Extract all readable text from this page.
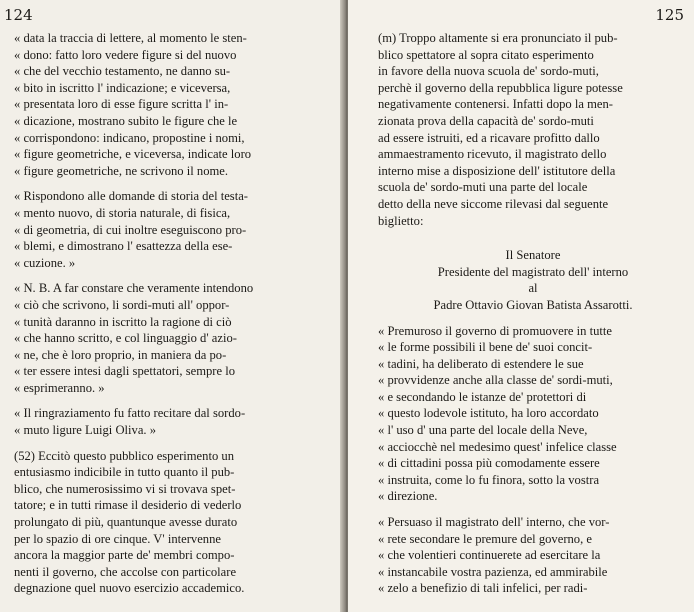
124
« data la traccia di lettere, al momento le sten-
« dono: fatto loro vedere figure si del nuovo
« che del vecchio testamento, ne danno su-
« bito in iscritto l' indicazione; e viceversa,
« presentata loro di esse figure scritta l' in-
« dicazione, mostrano subito le figure che le
« corrispondono: indicano, propostine i nomi,
« figure geometriche, e viceversa, indicate loro
« figure geometriche, ne scrivono il nome.
« Rispondono alle domande di storia del testa-
« mento nuovo, di storia naturale, di fisica,
« di geometria, di cui inoltre eseguiscono pro-
« blemi, e dimostrano l' esattezza della ese-
« cuzione. »
« N. B. A far constare che veramente intendono
« ciò che scrivono, li sordi-muti all' oppor-
« tunità daranno in iscritto la ragione di ciò
« che hanno scritto, e col linguaggio d' azio-
« ne, che è loro proprio, in maniera da po-
« ter essere intesi dagli spettatori, sempre lo
« esprimeranno. »
« Il ringraziamento fu fatto recitare dal sordo-
« muto ligure Luigi Oliva. »
(52) Eccitò questo pubblico esperimento un
entusiasmo indicibile in tutto quanto il pub-
blico, che numerosissimo vi si trovava spet-
tatore; e in tutti rimase il desiderio di vederlo
prolungato di più, quantunque avesse durato
per lo spazio di ore cinque. V' intervenne
ancora la maggior parte de' membri compo-
nenti il governo, che accolse con particolare
degnazione quel nuovo esercizio accademico.
125
(m) Troppo altamente si era pronunciato il pub-
blico spettatore al sopra citato esperimento
in favore della nuova scuola de' sordo-muti,
perchè il governo della repubblica ligure potesse
negativamente contenersi. Infatti dopo la men-
zionata prova della capacità de' sordo-muti
ad essere istruiti, ed a ricavare profitto dallo
ammaestramento ricevuto, il magistrato dello
interno mise a disposizione dell' istitutore della
scuola de' sordo-muti una parte del locale
detto della neve siccome rilevasi dal seguente
biglietto:
Il Senatore
Presidente del magistrato dell' interno
al
Padre Ottavio Giovan Batista Assarotti.
« Premuroso il governo di promuovere in tutte
« le forme possibili il bene de' suoi concit-
« tadini, ha deliberato di estendere le sue
« provvidenze anche alla classe de' sordi-muti,
« e secondando le istanze de' protettori di
« questo lodevole istituto, ha loro accordato
« l' uso d' una parte del locale della Neve,
« acciocchè nel medesimo quest' infelice classe
« di cittadini possa più comodamente essere
« instruita, come lo fu finora, sotto la vostra
« direzione.
« Persuaso il magistrato dell' interno, che vor-
« rete secondare le premure del governo, e
« che volentieri continuerete ad esercitare la
« instancabile vostra pazienza, ed ammirabile
« zelo a benefizio di tali infelici, per radi-
